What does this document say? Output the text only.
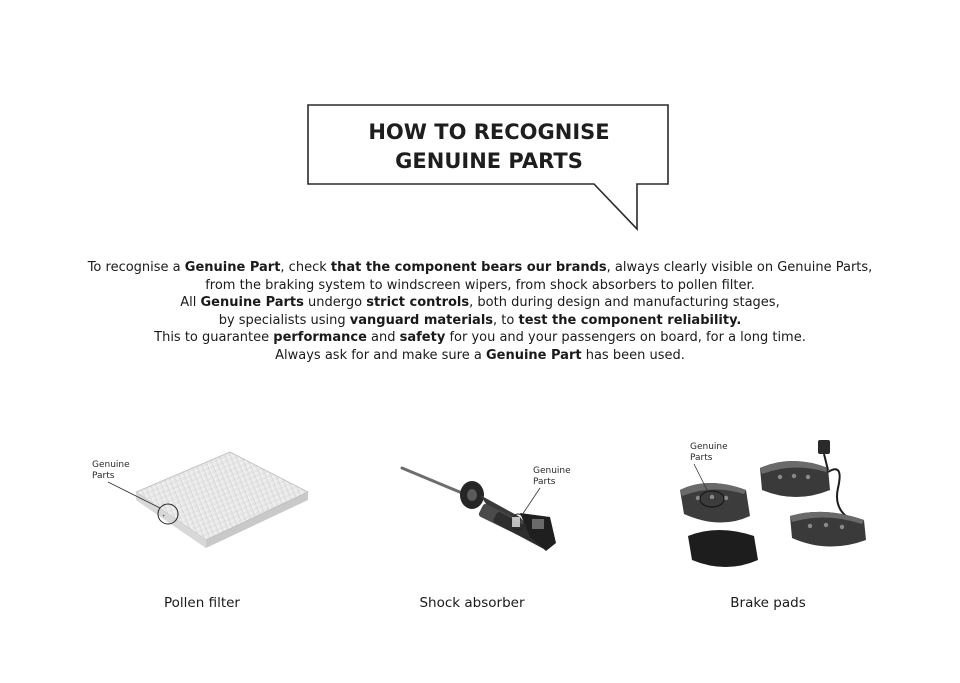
HOW TO RECOGNISE
GENUINE PARTS
To recognise a Genuine Part, check that the component bears our brands, always clearly visible on Genuine Parts,
from the braking system to windscreen wipers, from shock absorbers to pollen filter.
All Genuine Parts undergo strict controls, both during design and manufacturing stages,
by specialists using vanguard materials, to test the component reliability.
This to guarantee performance and safety for you and your passengers on board, for a long time.
Always ask for and make sure a Genuine Part has been used.
✦
Genuine
Parts
Pollen filter
Genuine
Parts
Shock absorber
Genuine
Parts
Brake pads
